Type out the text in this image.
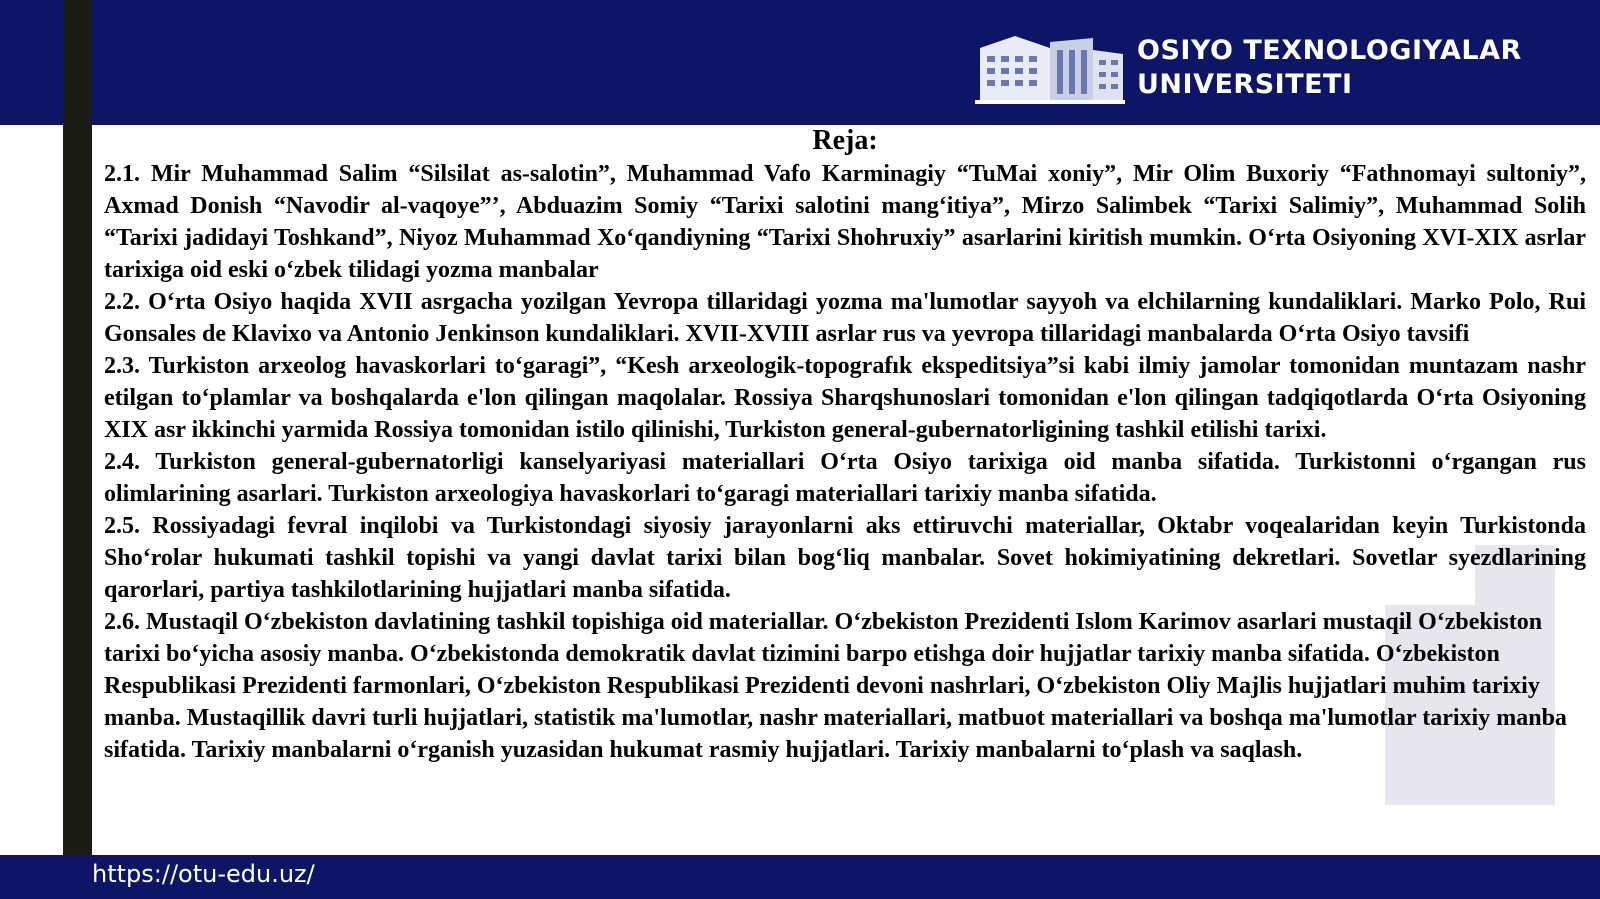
OSIYO TEXNOLOGIYALAR
UNIVERSITETI

Reja:

2.1. Mir Muhammad Salim “Silsilat as-salotin”, Muhammad Vafo Karminagiy “TuMai xoniy”, Mir Olim Buxoriy “Fathnomayi sultoniy”, Axmad Donish “Navodir al-vaqoye”’, Abduazim Somiy “Tarixi salotini mang‘itiya”, Mirzo Salimbek “Tarixi Salimiy”, Muhammad Solih “Tarixi jadidayi Toshkand”, Niyoz Muhammad Xo‘qandiyning “Tarixi Shohruxiy” asarlarini kiritish mumkin. O‘rta Osiyoning XVI-XIX asrlar tarixiga oid eski o‘zbek tilidagi yozma manbalar

2.2. O‘rta Osiyo haqida XVII asrgacha yozilgan Yevropa tillaridagi yozma ma'lumotlar sayyoh va elchilarning kundaliklari. Marko Polo, Rui Gonsales de Klavixo va Antonio Jenkinson kundaliklari. XVII-XVIII asrlar rus va yevropa tillaridagi manbalarda O‘rta Osiyo tavsifi

2.3. Turkiston arxeolog havaskorlari to‘garagi”, “Kesh arxeologik-topografık ekspeditsiya”si kabi ilmiy jamolar tomonidan muntazam nashr etilgan to‘plamlar va boshqalarda e'lon qilingan maqolalar. Rossiya Sharqshunoslari tomonidan e'lon qilingan tadqiqotlarda O‘rta Osiyoning XIX asr ikkinchi yarmida Rossiya tomonidan istilo qilinishi, Turkiston general-gubernatorligining tashkil etilishi tarixi.

2.4. Turkiston general-gubernatorligi kanselyariyasi materiallari O‘rta Osiyo tarixiga oid manba sifatida. Turkistonni o‘rgangan rus olimlarining asarlari. Turkiston arxeologiya havaskorlari to‘garagi materiallari tarixiy manba sifatida.

2.5. Rossiyadagi fevral inqilobi va Turkistondagi siyosiy jarayonlarni aks ettiruvchi materiallar, Oktabr voqealaridan keyin Turkistonda Sho‘rolar hukumati tashkil topishi va yangi davlat tarixi bilan bog‘liq manbalar. Sovet hokimiyatining dekretlari. Sovetlar syezdlarining qarorlari, partiya tashkilotlarining hujjatlari manba sifatida.

2.6. Mustaqil O‘zbekiston davlatining tashkil topishiga oid materiallar. O‘zbekiston Prezidenti Islom Karimov asarlari mustaqil O‘zbekiston tarixi bo‘yicha asosiy manba. O‘zbekistonda demokratik davlat tizimini barpo etishga doir hujjatlar tarixiy manba sifatida. O‘zbekiston Respublikasi Prezidenti farmonlari, O‘zbekiston Respublikasi Prezidenti devoni nashrlari, O‘zbekiston Oliy Majlis hujjatlari muhim tarixiy manba. Mustaqillik davri turli hujjatlari, statistik ma'lumotlar, nashr materiallari, matbuot materiallari va boshqa ma'lumotlar tarixiy manba sifatida. Tarixiy manbalarni o‘rganish yuzasidan hukumat rasmiy hujjatlari. Tarixiy manbalarni to‘plash va saqlash.

https://otu-edu.uz/
